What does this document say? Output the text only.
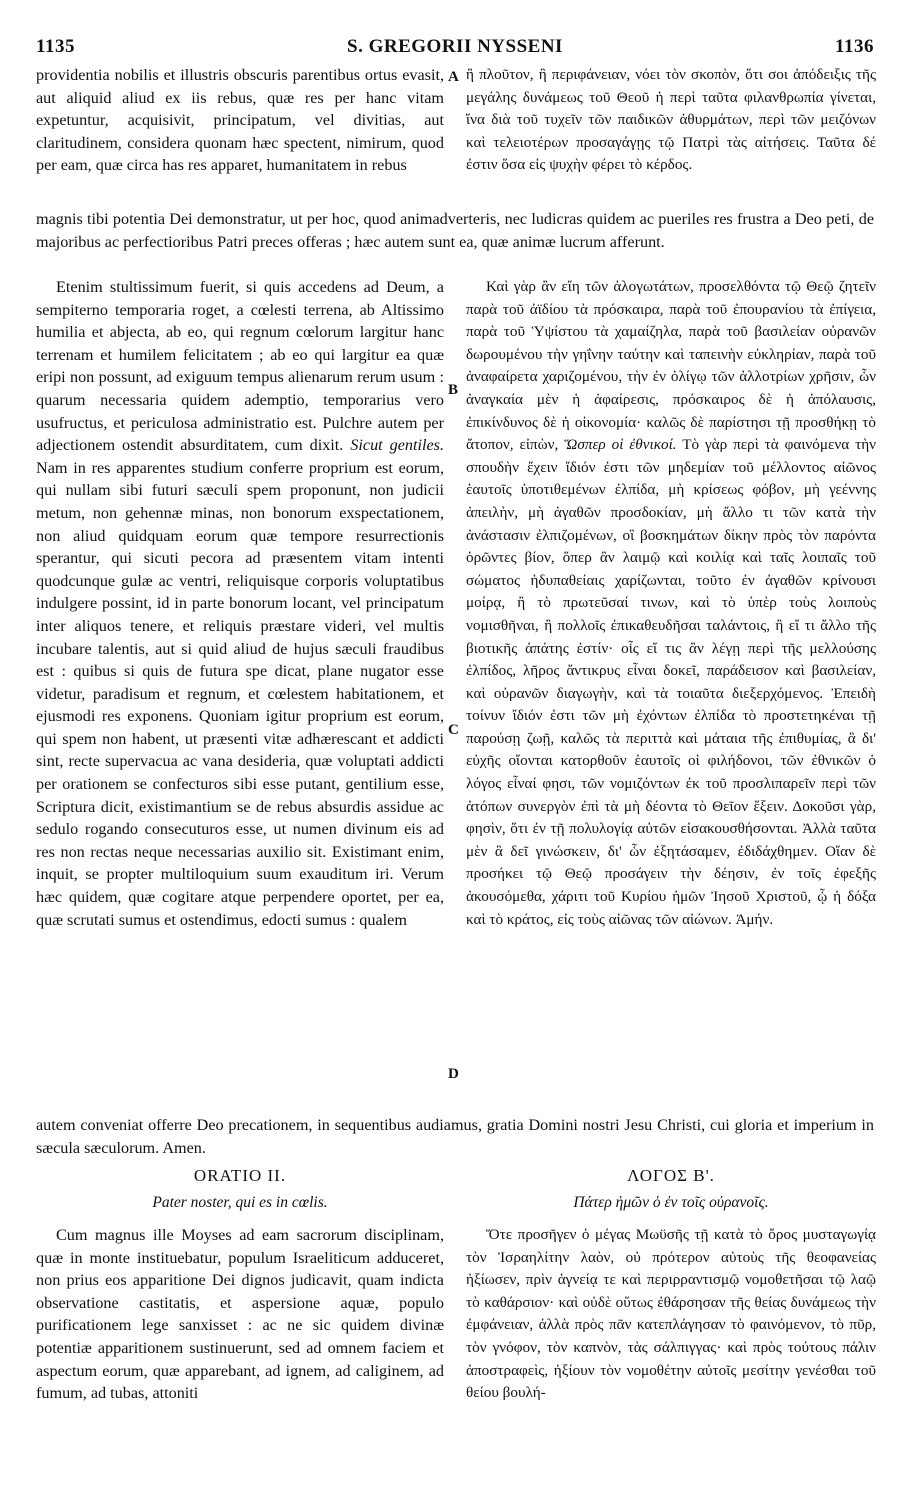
1135	S. GREGORII NYSSENI	1136

providentia nobilis et illustris obscuris parentibus ortus evasit, aut aliquid aliud ex iis rebus, quæ res per hanc vitam expetuntur, acquisivit, principatum, vel divitias, aut claritudinem, considera quonam hæc spectent, nimirum, quod per eam, quæ circa has res apparet, humanitatem in rebus

A ἢ πλοῦτον, ἢ περιφάνειαν, νόει τὸν σκοπὸν, ὅτι σοι ἀπόδειξις τῆς μεγάλης δυνάμεως τοῦ Θεοῦ ἡ περὶ ταῦτα φιλανθρωπία γίνεται, ἵνα διὰ τοῦ τυχεῖν τῶν παιδικῶν ἀθυρμάτων, περὶ τῶν μειζόνων καὶ τελειοτέρων προσαγάγῃς τῷ Πατρὶ τὰς αἰτήσεις. Ταῦτα δέ ἐστιν ὅσα εἰς ψυχὴν φέρει τὸ κέρδος.

magnis tibi potentia Dei demonstratur, ut per hoc, quod animadverteris, nec ludicras quidem ac pueriles res frustra a Deo peti, de majoribus ac perfectioribus Patri preces offeras ; hæc autem sunt ea, quæ animæ lucrum afferunt.

Etenim stultissimum fuerit, si quis accedens ad Deum, a sempiterno temporaria roget, a cœlesti terrena, ab Altissimo humilia et abjecta, ab eo, qui regnum cœlorum largitur hanc terrenam et humilem felicitatem ; ab eo qui largitur ea quæ eripi non possunt, ad exiguum tempus alienarum rerum usum : quarum necessaria quidem ademptio, temporarius vero usufructus, et periculosa administratio est. Pulchre autem per adjectionem ostendit absurditatem, cum dixit. Sicut gentiles. Nam in res apparentes studium conferre proprium est eorum, qui nullam sibi futuri sæculi spem proponunt, non judicii metum, non gehennæ minas, non bonorum exspectationem, non aliud quidquam eorum quæ tempore resurrectionis sperantur, qui sicuti pecora ad præsentem vitam intenti quodcunque gulæ ac ventri, reliquisque corporis voluptatibus indulgere possint, id in parte bonorum locant, vel principatum inter aliquos tenere, et reliquis præstare videri, vel multis incubare talentis, aut si quid aliud de hujus sæculi fraudibus est : quibus si quis de futura spe dicat, plane nugator esse videtur, paradisum et regnum, et cœlestem habitationem, et ejusmodi res exponens. Quoniam igitur proprium est eorum, qui spem non habent, ut præsenti vitæ adhærescant et addicti sint, recte supervacua ac vana desideria, quæ voluptati addicti per orationem se confecturos sibi esse putant, gentilium esse, Scriptura dicit, existimantium se de rebus absurdis assidue ac sedulo rogando consecuturos esse, ut numen divinum eis ad res non rectas neque necessarias auxilio sit. Existimant enim, inquit, se propter multiloquium suum exauditum iri. Verum hæc quidem, quæ cogitare atque perpendere oportet, per ea, quæ scrutati sumus et ostendimus, edocti sumus : qualem
B
C
D
Καὶ γὰρ ἂν εἴη τῶν ἀλογωτάτων, προσελθόντα τῷ Θεῷ ζητεῖν παρὰ τοῦ ἀϊδίου τὰ πρόσκαιρα, παρὰ τοῦ ἐπουρανίου τὰ ἐπίγεια, παρὰ τοῦ Ὑψίστου τὰ χαμαίζηλα, παρὰ τοῦ βασιλείαν οὐρανῶν δωρουμένου τὴν γηΐνην ταύτην καὶ ταπεινὴν εὐκληρίαν, παρὰ τοῦ ἀναφαίρετα χαριζομένου, τὴν ἐν ὀλίγῳ τῶν ἀλλοτρίων χρῆσιν, ὧν ἀναγκαία μὲν ἡ ἀφαίρεσις, πρόσκαιρος δὲ ἡ ἀπόλαυσις, ἐπικίνδυνος δὲ ἡ οἰκονομία· καλῶς δὲ παρίστησι τῇ προσθήκῃ τὸ ἄτοπον, εἰπὼν, Ὥσπερ οἱ ἐθνικοί. Τὸ γὰρ περὶ τὰ φαινόμενα τὴν σπουδὴν ἔχειν ἴδιόν ἐστι τῶν μηδεμίαν τοῦ μέλλοντος αἰῶνος ἑαυτοῖς ὑποτιθεμένων ἐλπίδα, μὴ κρίσεως φόβον, μὴ γεέννης ἀπειλὴν, μὴ ἀγαθῶν προσδοκίαν, μὴ ἄλλο τι τῶν κατὰ τὴν ἀνάστασιν ἐλπιζομένων, οἳ βοσκημάτων δίκην πρὸς τὸν παρόντα ὁρῶντες βίον, ὅπερ ἂν λαιμῷ καὶ κοιλίᾳ καὶ ταῖς λοιπαῖς τοῦ σώματος ἡδυπαθείαις χαρίζωνται, τοῦτο ἐν ἀγαθῶν κρίνουσι μοίρᾳ, ἢ τὸ πρωτεῦσαί τινων, καὶ τὸ ὑπὲρ τοὺς λοιποὺς νομισθῆναι, ἢ πολλοῖς ἐπικαθευδῆσαι ταλάντοις, ἢ εἴ τι ἄλλο τῆς βιοτικῆς ἀπάτης ἐστίν· οἷς εἴ τις ἂν λέγῃ περὶ τῆς μελλούσης ἐλπίδος, λῆρος ἄντικρυς εἶναι δοκεῖ, παράδεισον καὶ βασιλείαν, καὶ οὐρανῶν διαγωγὴν, καὶ τὰ τοιαῦτα διεξερχόμενος. Ἐπειδὴ τοίνυν ἴδιόν ἐστι τῶν μὴ ἐχόντων ἐλπίδα τὸ προστετηκέναι τῇ παρούσῃ ζωῇ, καλῶς τὰ περιττὰ καὶ μάταια τῆς ἐπιθυμίας, ἃ δι' εὐχῆς οἴονται κατορθοῦν ἑαυτοῖς οἱ φιλήδονοι, τῶν ἐθνικῶν ὁ λόγος εἶναί φησι, τῶν νομιζόντων ἐκ τοῦ προσλιπαρεῖν περὶ τῶν ἀτόπων συνεργὸν ἐπὶ τὰ μὴ δέοντα τὸ Θεῖον ἕξειν. Δοκοῦσι γὰρ, φησὶν, ὅτι ἐν τῇ πολυλογίᾳ αὐτῶν εἰσακουσθήσονται. Ἀλλὰ ταῦτα μὲν ἃ δεῖ γινώσκειν, δι' ὧν ἐξητάσαμεν, ἐδιδάχθημεν. Οἵαν δὲ προσήκει τῷ Θεῷ προσάγειν τὴν δέησιν, ἐν τοῖς ἐφεξῆς ἀκουσόμεθα, χάριτι τοῦ Κυρίου ἡμῶν Ἰησοῦ Χριστοῦ, ᾧ ἡ δόξα καὶ τὸ κράτος, εἰς τοὺς αἰῶνας τῶν αἰώνων. Ἀμήν.

autem conveniat offerre Deo precationem, in sequentibus audiamus, gratia Domini nostri Jesu Christi, cui gloria et imperium in sæcula sæculorum. Amen.

ORATIO II.
Pater noster, qui es in cœlis.
ΛΟΓΟΣ Β'.
Πάτερ ἡμῶν ὁ ἐν τοῖς οὐρανοῖς.
Cum magnus ille Moyses ad eam sacrorum disciplinam, quæ in monte instituebatur, populum Israeliticum adduceret, non prius eos apparitione Dei dignos judicavit, quam indicta observatione castitatis, et aspersione aquæ, populo purificationem lege sanxisset : ac ne sic quidem divinæ potentiæ apparitionem sustinuerunt, sed ad omnem faciem et aspectum eorum, quæ apparebant, ad ignem, ad caliginem, ad fumum, ad tubas, attoniti
Ὅτε προσῆγεν ὁ μέγας Μωϋσῆς τῇ κατὰ τὸ ὄρος μυσταγωγίᾳ τὸν Ἰσραηλίτην λαὸν, οὐ πρότερον αὐτοὺς τῆς θεοφανείας ἠξίωσεν, πρὶν ἁγνείᾳ τε καὶ περιρραντισμῷ νομοθετῆσαι τῷ λαῷ τὸ καθάρσιον· καὶ οὐδὲ οὕτως ἐθάρσησαν τῆς θείας δυνάμεως τὴν ἐμφάνειαν, ἀλλὰ πρὸς πᾶν κατεπλάγησαν τὸ φαινόμενον, τὸ πῦρ, τὸν γνόφον, τὸν καπνὸν, τὰς σάλπιγγας· καὶ πρὸς τούτους πάλιν ἀποστραφεὶς, ἠξίουν τὸν νομοθέτην αὐτοῖς μεσίτην γενέσθαι τοῦ θείου βουλή-
